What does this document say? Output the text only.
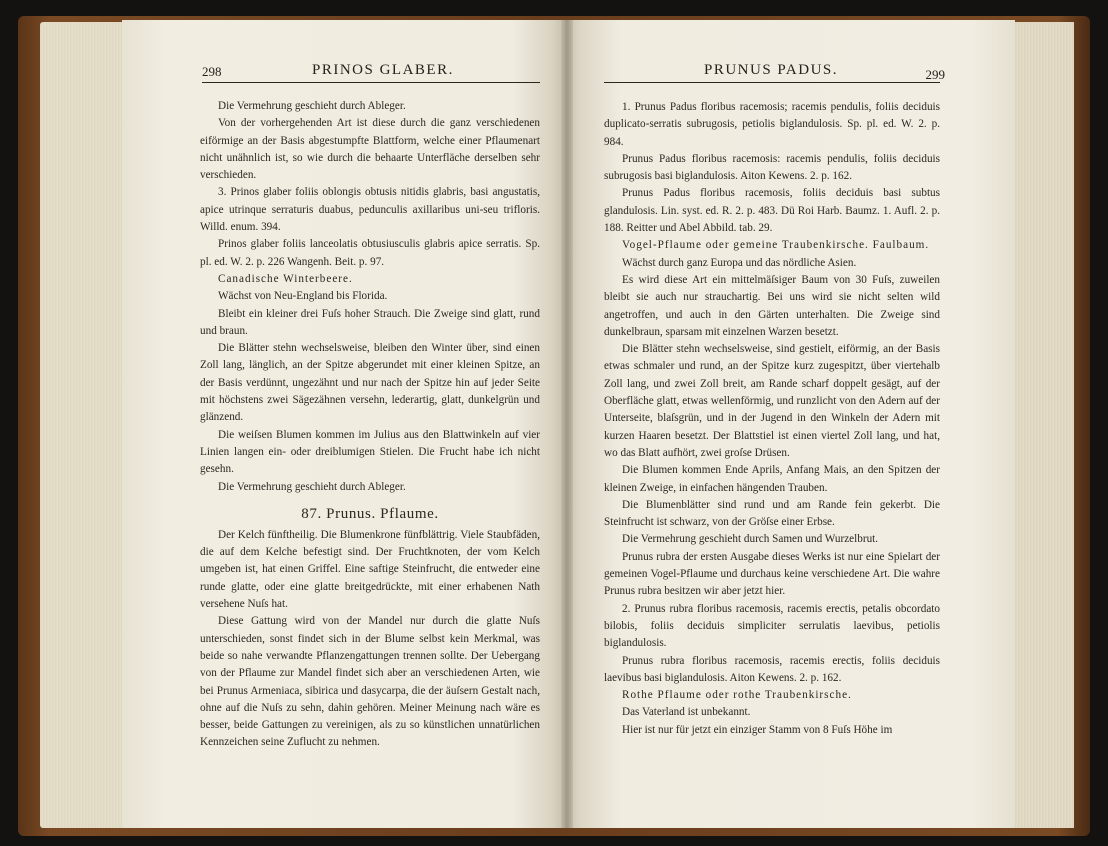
298	PRINOS GLABER.	PRUNUS PADUS.	299

Die Vermehrung geschieht durch Ableger.

Von der vorhergehenden Art ist diese durch die ganz verschiedenen eiförmige an der Basis abgestumpfte Blattform, welche einer Pflaumenart nicht unähnlich ist, so wie durch die behaarte Unterfläche derselben sehr verschieden.

3. Prinos glaber foliis oblongis obtusis nitidis glabris, basi angustatis, apice utrinque serraturis duabus, pedunculis axillaribus uni-seu trifloris. Willd. enum. 394.

Prinos glaber foliis lanceolatis obtusiusculis glabris apice serratis. Sp. pl. ed. W. 2. p. 226 Wangenh. Beit. p. 97.

Canadische Winterbeere.

Wächst von Neu-England bis Florida.

Bleibt ein kleiner drei Fuſs hoher Strauch. Die Zweige sind glatt, rund und braun.

Die Blätter stehn wechselsweise, bleiben den Winter über, sind einen Zoll lang, länglich, an der Spitze abgerundet mit einer kleinen Spitze, an der Basis verdünnt, ungezähnt und nur nach der Spitze hin auf jeder Seite mit höchstens zwei Sägezähnen versehn, lederartig, glatt, dunkelgrün und glänzend.

Die weiſsen Blumen kommen im Julius aus den Blattwinkeln auf vier Linien langen ein- oder dreiblumigen Stielen. Die Frucht habe ich nicht gesehn.

Die Vermehrung geschieht durch Ableger.

87. Prunus. Pflaume.

Der Kelch fünftheilig. Die Blumenkrone fünfblättrig. Viele Staubfäden, die auf dem Kelche befestigt sind. Der Fruchtknoten, der vom Kelch umgeben ist, hat einen Griffel. Eine saftige Steinfrucht, die entweder eine runde glatte, oder eine glatte breitgedrückte, mit einer erhabenen Nath versehene Nuſs hat.

Diese Gattung wird von der Mandel nur durch die glatte Nuſs unterschieden, sonst findet sich in der Blume selbst kein Merkmal, was beide so nahe verwandte Pflanzengattungen trennen sollte. Der Uebergang von der Pflaume zur Mandel findet sich aber an verschiedenen Arten, wie bei Prunus Armeniaca, sibirica und dasycarpa, die der äuſsern Gestalt nach, ohne auf die Nuſs zu sehn, dahin gehören. Meiner Meinung nach wäre es besser, beide Gattungen zu vereinigen, als zu so künstlichen unnatürlichen Kennzeichen seine Zuflucht zu nehmen.

1. Prunus Padus floribus racemosis; racemis pendulis, foliis deciduis duplicato-serratis subrugosis, petiolis biglandulosis. Sp. pl. ed. W. 2. p. 984.

Prunus Padus floribus racemosis: racemis pendulis, foliis deciduis subrugosis basi biglandulosis. Aiton Kewens. 2. p. 162.

Prunus Padus floribus racemosis, foliis deciduis basi subtus glandulosis. Lin. syst. ed. R. 2. p. 483. Dü Roi Harb. Baumz. 1. Aufl. 2. p. 188. Reitter und Abel Abbild. tab. 29.

Vogel-Pflaume oder gemeine Traubenkirsche. Faulbaum.

Wächst durch ganz Europa und das nördliche Asien.

Es wird diese Art ein mittelmäſsiger Baum von 30 Fuſs, zuweilen bleibt sie auch nur strauchartig. Bei uns wird sie nicht selten wild angetroffen, und auch in den Gärten unterhalten. Die Zweige sind dunkelbraun, sparsam mit einzelnen Warzen besetzt.

Die Blätter stehn wechselsweise, sind gestielt, eiförmig, an der Basis etwas schmaler und rund, an der Spitze kurz zugespitzt, über viertehalb Zoll lang, und zwei Zoll breit, am Rande scharf doppelt gesägt, auf der Oberfläche glatt, etwas wellenförmig, und runzlicht von den Adern auf der Unterseite, blaſsgrün, und in der Jugend in den Winkeln der Adern mit kurzen Haaren besetzt. Der Blattstiel ist einen viertel Zoll lang, und hat, wo das Blatt aufhört, zwei groſse Drüsen.

Die Blumen kommen Ende Aprils, Anfang Mais, an den Spitzen der kleinen Zweige, in einfachen hängenden Trauben.

Die Blumenblätter sind rund und am Rande fein gekerbt. Die Steinfrucht ist schwarz, von der Gröſse einer Erbse.

Die Vermehrung geschieht durch Samen und Wurzelbrut.

Prunus rubra der ersten Ausgabe dieses Werks ist nur eine Spielart der gemeinen Vogel-Pflaume und durchaus keine verschiedene Art. Die wahre Prunus rubra besitzen wir aber jetzt hier.

2. Prunus rubra floribus racemosis, racemis erectis, petalis obcordato bilobis, foliis deciduis simpliciter serrulatis laevibus, petiolis biglandulosis.

Prunus rubra floribus racemosis, racemis erectis, foliis deciduis laevibus basi biglandulosis. Aiton Kewens. 2. p. 162.

Rothe Pflaume oder rothe Traubenkirsche.

Das Vaterland ist unbekannt.

Hier ist nur für jetzt ein einziger Stamm von 8 Fuſs Höhe im
